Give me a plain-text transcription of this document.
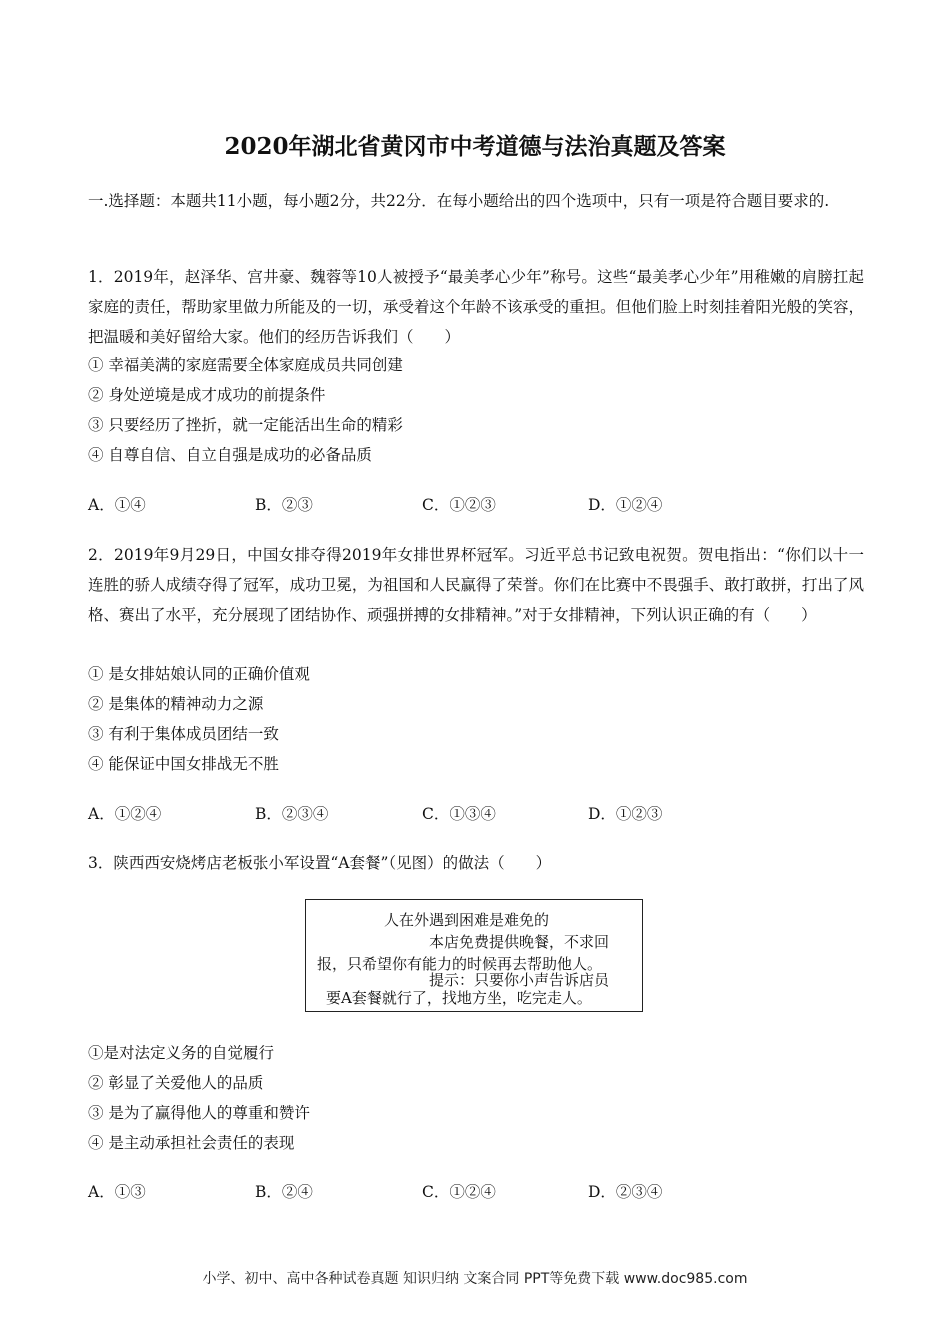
2020年湖北省黄冈市中考道德与法治真题及答案
一.选择题：本题共11小题，每小题2分，共22分．在每小题给出的四个选项中，只有一项是符合题目要求的.
1．2019年，赵泽华、宫井豪、魏蓉等10人被授予“最美孝心少年”称号。这些“最美孝心少年”用稚嫩的肩膀扛起家庭的责任，帮助家里做力所能及的一切，承受着这个年龄不该承受的重担。但他们脸上时刻挂着阳光般的笑容，把温暖和美好留给大家。他们的经历告诉我们（　　）
① 幸福美满的家庭需要全体家庭成员共同创建
② 身处逆境是成才成功的前提条件
③ 只要经历了挫折，就一定能活出生命的精彩
④ 自尊自信、自立自强是成功的必备品质
A．①④	B．②③	C．①②③	D．①②④
2．2019年9月29日，中国女排夺得2019年女排世界杯冠军。习近平总书记致电祝贺。贺电指出：“你们以十一连胜的骄人成绩夺得了冠军，成功卫冕，为祖国和人民赢得了荣誉。你们在比赛中不畏强手、敢打敢拼，打出了风格、赛出了水平，充分展现了团结协作、顽强拼搏的女排精神。”对于女排精神，下列认识正确的有（　　）
① 是女排姑娘认同的正确价值观
② 是集体的精神动力之源
③ 有利于集体成员团结一致
④ 能保证中国女排战无不胜
A．①②④	B．②③④	C．①③④	D．①②③
3．陕西西安烧烤店老板张小军设置“A套餐”（见图）的做法（　　）
人在外遇到困难是难免的
本店免费提供晚餐，不求回
报，只希望你有能力的时候再去帮助他人。
提示：只要你小声告诉店员
要A套餐就行了，找地方坐，吃完走人。
①是对法定义务的自觉履行
② 彰显了关爱他人的品质
③ 是为了赢得他人的尊重和赞许
④ 是主动承担社会责任的表现
A．①③	B．②④	C．①②④	D．②③④
小学、初中、高中各种试卷真题 知识归纳 文案合同 PPT等免费下载 www.doc985.com
